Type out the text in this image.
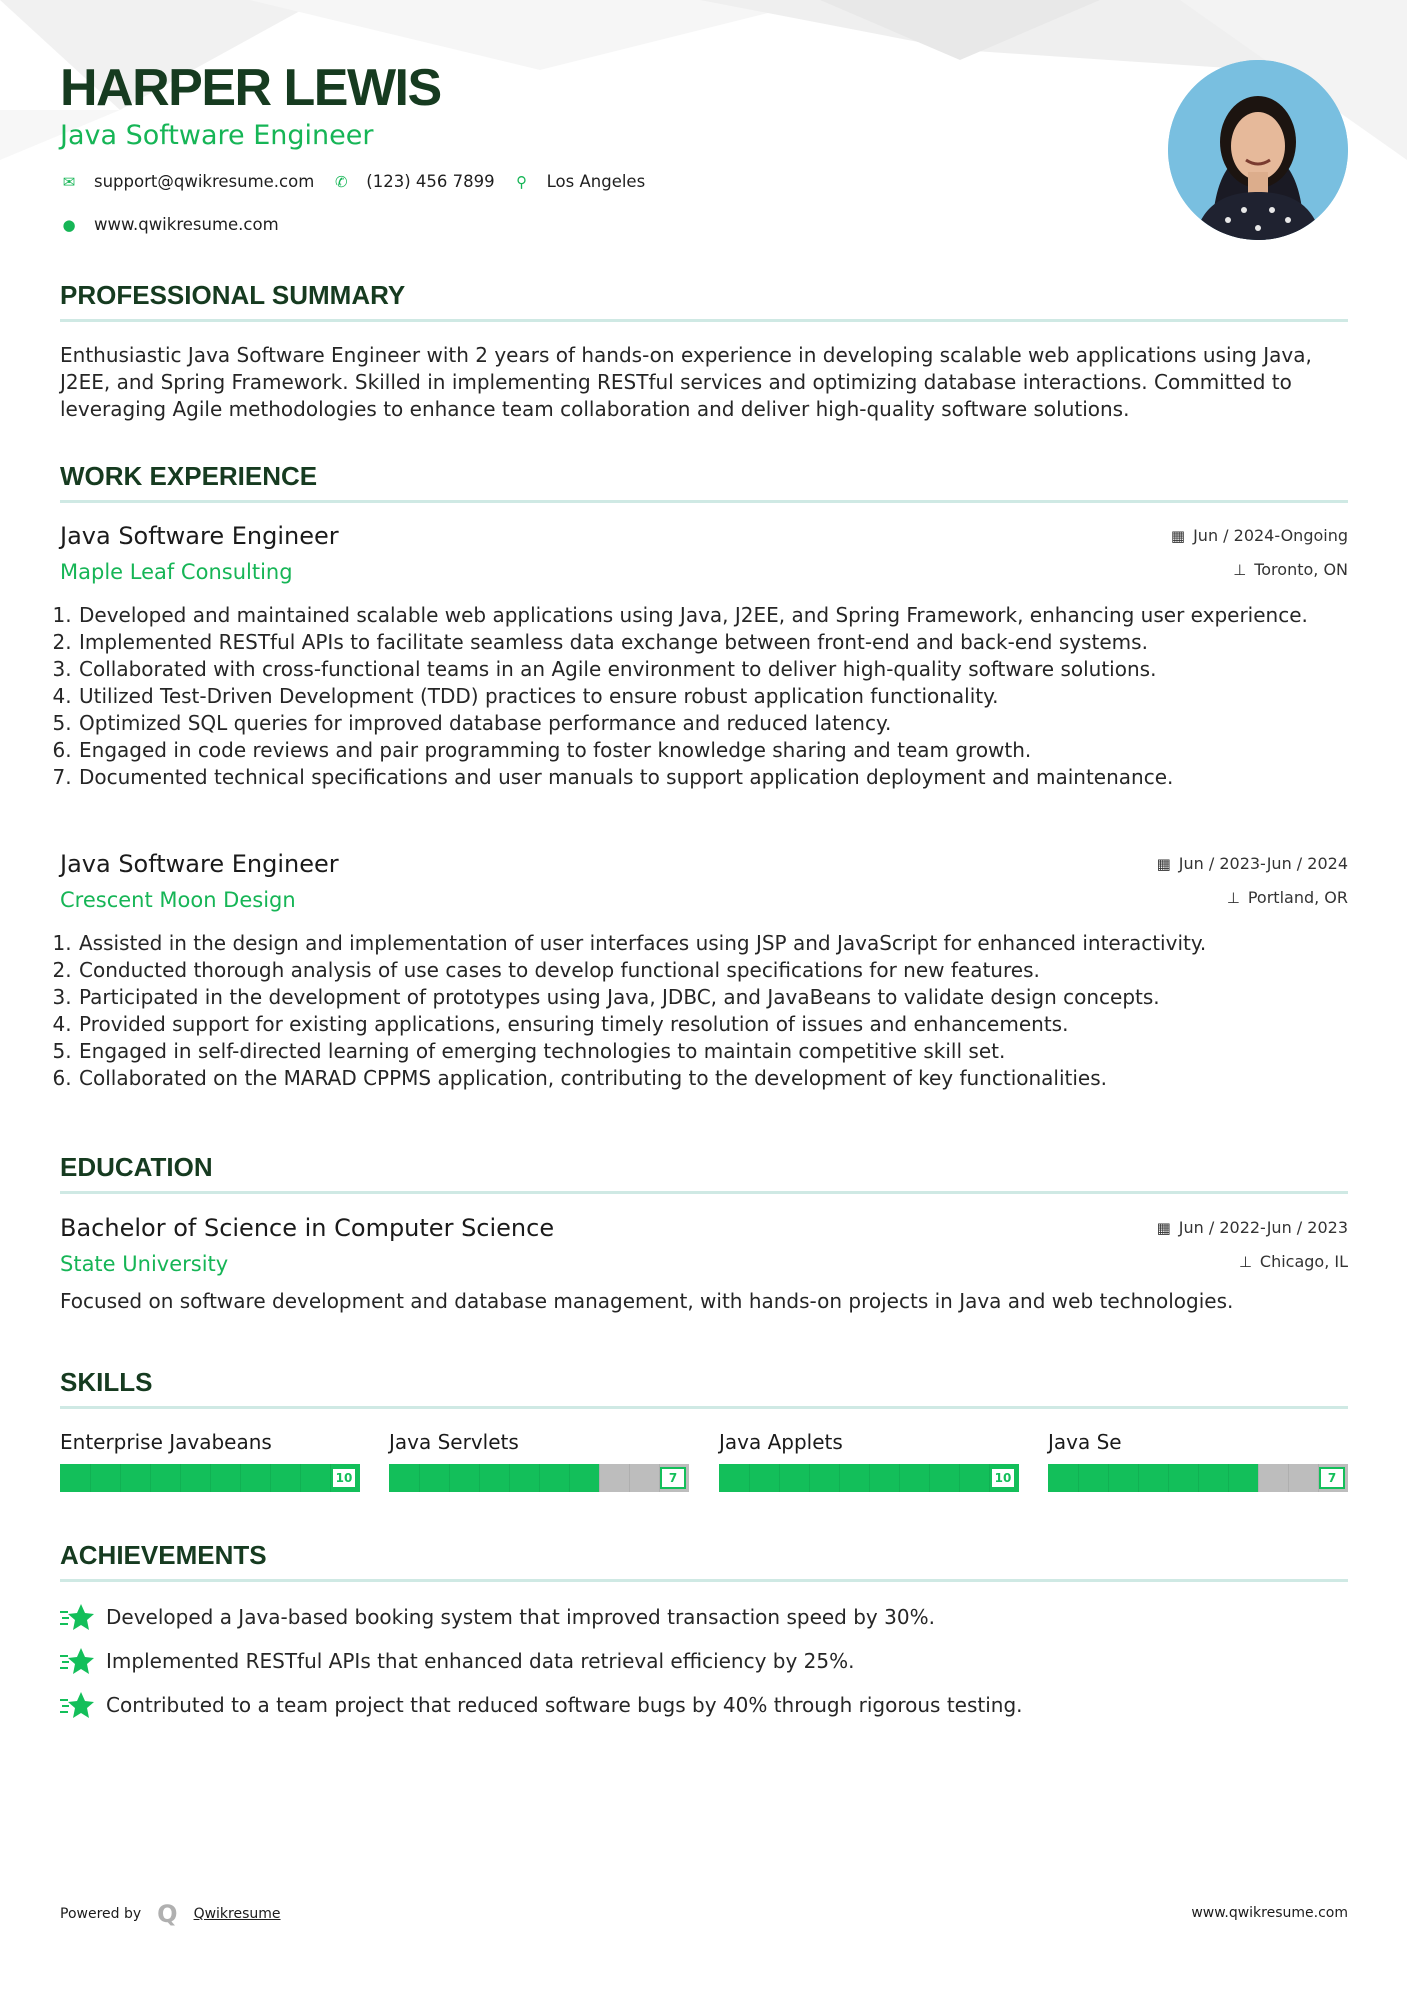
HARPER LEWIS
Java Software Engineer
✉ support@qwikresume.com ✆ (123) 456 7899 ⚲ Los Angeles
● www.qwikresume.com
PROFESSIONAL SUMMARY

Enthusiastic Java Software Engineer with 2 years of hands-on experience in developing scalable web applications using Java, J2EE, and Spring Framework. Skilled in implementing RESTful services and optimizing database interactions. Committed to leveraging Agile methodologies to enhance team collaboration and deliver high-quality software solutions.

WORK EXPERIENCE
Java Software Engineer
Maple Leaf Consulting
▦ Jun / 2024-Ongoing
⊥ Toronto, ON
1. Developed and maintained scalable web applications using Java, J2EE, and Spring Framework, enhancing user experience.
2. Implemented RESTful APIs to facilitate seamless data exchange between front-end and back-end systems.
3. Collaborated with cross-functional teams in an Agile environment to deliver high-quality software solutions.
4. Utilized Test-Driven Development (TDD) practices to ensure robust application functionality.
5. Optimized SQL queries for improved database performance and reduced latency.
6. Engaged in code reviews and pair programming to foster knowledge sharing and team growth.
7. Documented technical specifications and user manuals to support application deployment and maintenance.
Java Software Engineer
Crescent Moon Design
▦ Jun / 2023-Jun / 2024
⊥ Portland, OR
1. Assisted in the design and implementation of user interfaces using JSP and JavaScript for enhanced interactivity.
2. Conducted thorough analysis of use cases to develop functional specifications for new features.
3. Participated in the development of prototypes using Java, JDBC, and JavaBeans to validate design concepts.
4. Provided support for existing applications, ensuring timely resolution of issues and enhancements.
5. Engaged in self-directed learning of emerging technologies to maintain competitive skill set.
6. Collaborated on the MARAD CPPMS application, contributing to the development of key functionalities.
EDUCATION
Bachelor of Science in Computer Science
State University
▦ Jun / 2022-Jun / 2023
⊥ Chicago, IL
Focused on software development and database management, with hands-on projects in Java and web technologies.
SKILLS
Enterprise Javabeans
10
Java Servlets
7
Java Applets
10
Java Se
7
ACHIEVEMENTS
Developed a Java-based booking system that improved transaction speed by 30%.
Implemented RESTful APIs that enhanced data retrieval efficiency by 25%.
Contributed to a team project that reduced software bugs by 40% through rigorous testing.
Powered by Q Qwikresume	www.qwikresume.com
